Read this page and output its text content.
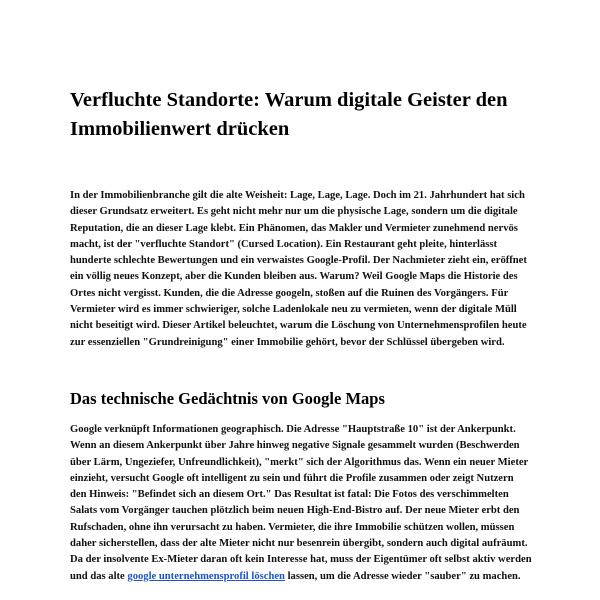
Verfluchte Standorte: Warum digitale Geister den Immobilienwert drücken

In der Immobilienbranche gilt die alte Weisheit: Lage, Lage, Lage. Doch im 21. Jahrhundert hat sich dieser Grundsatz erweitert. Es geht nicht mehr nur um die physische Lage, sondern um die digitale Reputation, die an dieser Lage klebt. Ein Phänomen, das Makler und Vermieter zunehmend nervös macht, ist der "verfluchte Standort" (Cursed Location). Ein Restaurant geht pleite, hinterlässt hunderte schlechte Bewertungen und ein verwaistes Google-Profil. Der Nachmieter zieht ein, eröffnet ein völlig neues Konzept, aber die Kunden bleiben aus. Warum? Weil Google Maps die Historie des Ortes nicht vergisst. Kunden, die die Adresse googeln, stoßen auf die Ruinen des Vorgängers. Für Vermieter wird es immer schwieriger, solche Ladenlokale neu zu vermieten, wenn der digitale Müll nicht beseitigt wird. Dieser Artikel beleuchtet, warum die Löschung von Unternehmensprofilen heute zur essenziellen "Grundreinigung" einer Immobilie gehört, bevor der Schlüssel übergeben wird.

Das technische Gedächtnis von Google Maps

Google verknüpft Informationen geographisch. Die Adresse "Hauptstraße 10" ist der Ankerpunkt. Wenn an diesem Ankerpunkt über Jahre hinweg negative Signale gesammelt wurden (Beschwerden über Lärm, Ungeziefer, Unfreundlichkeit), "merkt" sich der Algorithmus das. Wenn ein neuer Mieter einzieht, versucht Google oft intelligent zu sein und führt die Profile zusammen oder zeigt Nutzern den Hinweis: "Befindet sich an diesem Ort." Das Resultat ist fatal: Die Fotos des verschimmelten Salats vom Vorgänger tauchen plötzlich beim neuen High-End-Bistro auf. Der neue Mieter erbt den Rufschaden, ohne ihn verursacht zu haben. Vermieter, die ihre Immobilie schützen wollen, müssen daher sicherstellen, dass der alte Mieter nicht nur besenrein übergibt, sondern auch digital aufräumt. Da der insolvente Ex-Mieter daran oft kein Interesse hat, muss der Eigentümer oft selbst aktiv werden und das alte google unternehmensprofil löschen lassen, um die Adresse wieder "sauber" zu machen.
